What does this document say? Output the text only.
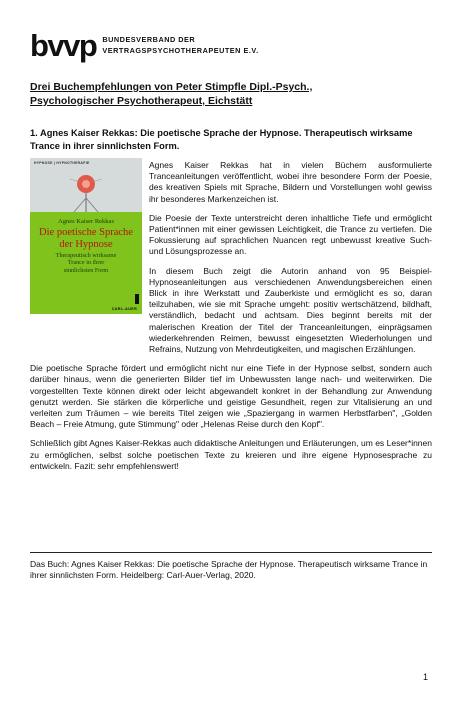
bvvp BUNDESVERBAND DER
VERTRAGSPSYCHOTHERAPEUTEN E.V.
Drei Buchempfehlungen von Peter Stimpfle Dipl.-Psych.,
Psychologischer Psychotherapeut, Eichstätt
1. Agnes Kaiser Rekkas: Die poetische Sprache der Hypnose. Therapeutisch wirksame Trance in ihrer sinnlichsten Form.
HYPNOSE | HYPNOTHERAPIE
Agnes Kaiser Rekkas
Die poetische Sprache
der Hypnose
Therapeutisch wirksame
Trance in ihrer
sinnlichsten Form
CARL-AUER

Agnes Kaiser Rekkas hat in vielen Büchern ausformulierte Tranceanleitungen veröffentlicht, wobei ihre besondere Form der Poesie, des kreativen Spiels mit Sprache, Bildern und Vorstellungen wohl gewiss ihr besonderes Markenzeichen ist.

Die Poesie der Texte unterstreicht deren inhaltliche Tiefe und ermöglicht Patient*innen mit einer gewissen Leichtigkeit, die Trance zu vertiefen. Die Fokussierung auf sprachlichen Nuancen regt unbewusst kreative Such- und Lösungsprozesse an.

In diesem Buch zeigt die Autorin anhand von 95 Beispiel-Hypnoseanleitungen aus verschiedenen Anwendungsbereichen einen Blick in ihre Werkstatt und Zauberkiste und ermöglicht es so, daran teilzuhaben, wie sie mit Sprache umgeht: positiv wertschätzend, bildhaft, verständlich, bedacht und achtsam. Dies beginnt bereits mit der malerischen Kreation der Titel der Tranceanleitungen, einprägsamen wiederkehrenden Reimen, bewusst eingesetzten Wiederholungen und Refrains, Nutzung von Mehrdeutigkeiten, und magischen Erzählungen.

Die poetische Sprache fördert und ermöglicht nicht nur eine Tiefe in der Hypnose selbst, sondern auch darüber hinaus, wenn die generierten Bilder tief im Unbewussten lange nach- und weiterwirken. Die vorgestellten Texte können direkt oder leicht abgewandelt konkret in der Behandlung zur Anwendung genutzt werden. Sie stärken die körperliche und geistige Gesundheit, regen zur Vitalisierung an und verleiten zum Träumen – wie bereits Titel zeigen wie „Spaziergang in warmen Herbstfarben", „Golden Beach – Freie Atmung, gute Stimmung" oder „Helenas Reise durch den Kopf".

Schließlich gibt Agnes Kaiser-Rekkas auch didaktische Anleitungen und Erläuterungen, um es Leser*innen zu ermöglichen, selbst solche poetischen Texte zu kreieren und ihre eigene Hypnosesprache zu entwickeln. Fazit: sehr empfehlenswert!

Das Buch: Agnes Kaiser Rekkas: Die poetische Sprache der Hypnose. Therapeutisch wirksame Trance in ihrer sinnlichsten Form. Heidelberg: Carl-Auer-Verlag, 2020.
1
